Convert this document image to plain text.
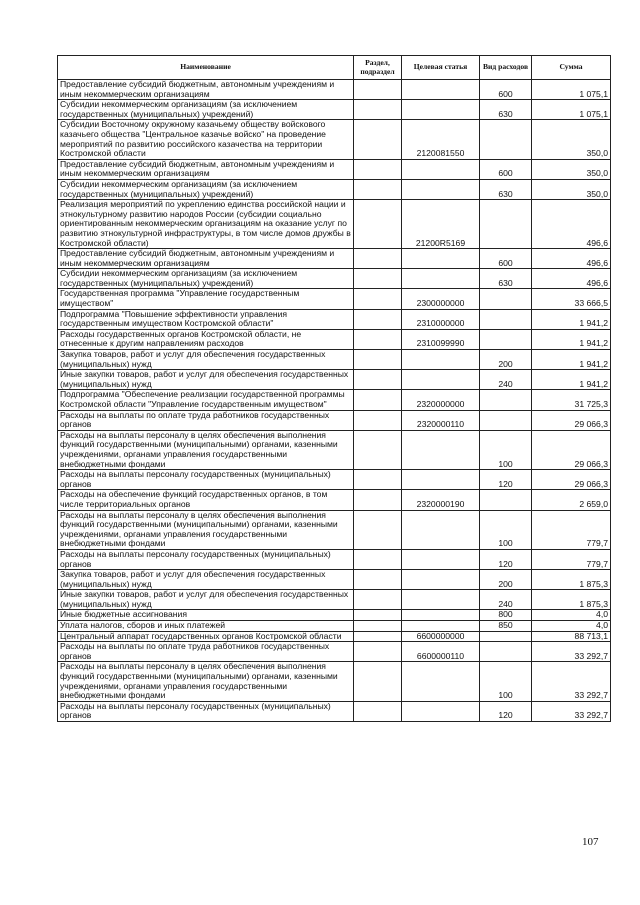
Наименование	Раздел, подраздел	Целевая статья	Вид расходов	Сумма
Предоставление субсидий бюджетным, автономным учреждениям и иным некоммерческим организациям			600	1 075,1
Субсидии некоммерческим организациям (за исключением государственных (муниципальных) учреждений)			630	1 075,1
Субсидии Восточному окружному казачьему обществу войскового казачьего общества "Центральное казачье войско" на проведение мероприятий по развитию российского казачества на территории Костромской области		2120081550		350,0
Предоставление субсидий бюджетным, автономным учреждениям и иным некоммерческим организациям			600	350,0
Субсидии некоммерческим организациям (за исключением государственных (муниципальных) учреждений)			630	350,0
Реализация мероприятий по укреплению единства российской нации и этнокультурному развитию народов России (субсидии социально ориентированным некоммерческим организациям на оказание услуг по развитию этнокультурной инфраструктуры, в том числе домов дружбы в Костромской области)		21200R5169		496,6
Предоставление субсидий бюджетным, автономным учреждениям и иным некоммерческим организациям			600	496,6
Субсидии некоммерческим организациям (за исключением государственных (муниципальных) учреждений)			630	496,6
Государственная программа "Управление государственным имуществом"		2300000000		33 666,5
Подпрограмма "Повышение эффективности управления государственным имуществом Костромской области"		2310000000		1 941,2
Расходы государственных органов Костромской области, не отнесенные к другим направлениям расходов		2310099990		1 941,2
Закупка товаров, работ и услуг для обеспечения государственных (муниципальных) нужд			200	1 941,2
Иные закупки товаров, работ и услуг для обеспечения государственных (муниципальных) нужд			240	1 941,2
Подпрограмма "Обеспечение реализации государственной программы Костромской области "Управление государственным имуществом"		2320000000		31 725,3
Расходы на выплаты по оплате труда работников государственных органов		2320000110		29 066,3
Расходы на выплаты персоналу в целях обеспечения выполнения функций государственными (муниципальными) органами, казенными учреждениями, органами управления государственными внебюджетными фондами			100	29 066,3
Расходы на выплаты персоналу государственных (муниципальных) органов			120	29 066,3
Расходы на обеспечение функций государственных органов, в том числе территориальных органов		2320000190		2 659,0
Расходы на выплаты персоналу в целях обеспечения выполнения функций государственными (муниципальными) органами, казенными учреждениями, органами управления государственными внебюджетными фондами			100	779,7
Расходы на выплаты персоналу государственных (муниципальных) органов			120	779,7
Закупка товаров, работ и услуг для обеспечения государственных (муниципальных) нужд			200	1 875,3
Иные закупки товаров, работ и услуг для обеспечения государственных (муниципальных) нужд			240	1 875,3
Иные бюджетные ассигнования			800	4,0
Уплата налогов, сборов и иных платежей			850	4,0
Центральный аппарат государственных органов Костромской области		6600000000		88 713,1
Расходы на выплаты по оплате труда работников государственных органов		6600000110		33 292,7
Расходы на выплаты персоналу в целях обеспечения выполнения функций государственными (муниципальными) органами, казенными учреждениями, органами управления государственными внебюджетными фондами			100	33 292,7
Расходы на выплаты персоналу государственных (муниципальных) органов			120	33 292,7
107
